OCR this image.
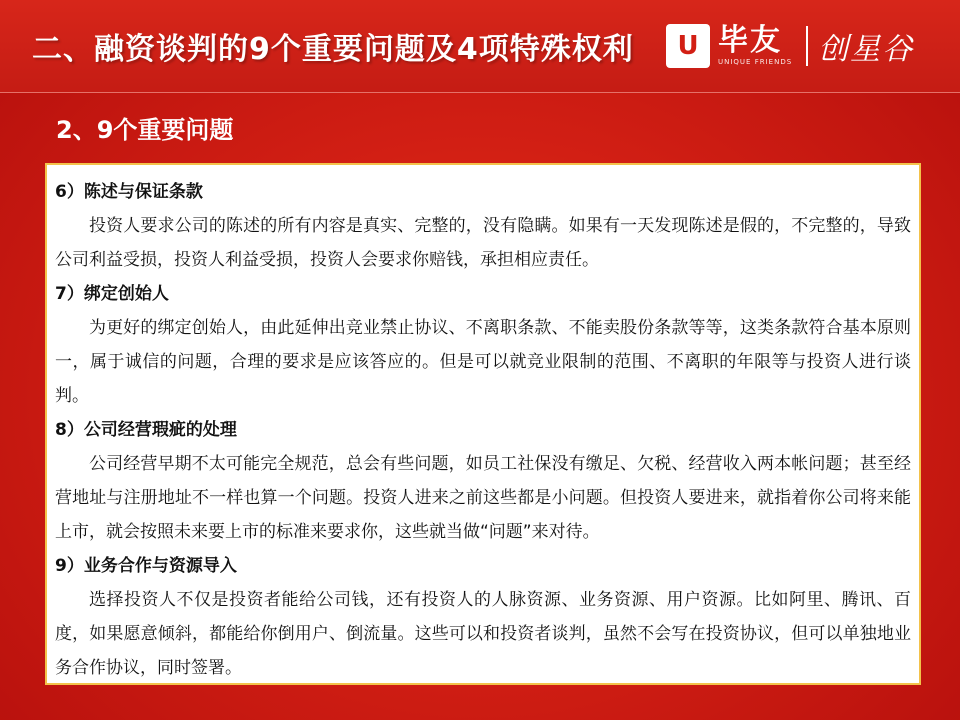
二、融资谈判的9个重要问题及4项特殊权利	U 毕友
UNIQUE FRIENDS 创星谷
2、9个重要问题

6）陈述与保证条款

投资人要求公司的陈述的所有内容是真实、完整的，没有隐瞒。如果有一天发现陈述是假的，不完整的，导致公司利益受损，投资人利益受损，投资人会要求你赔钱，承担相应责任。

7）绑定创始人

为更好的绑定创始人，由此延伸出竞业禁止协议、不离职条款、不能卖股份条款等等，这类条款符合基本原则一，属于诚信的问题，合理的要求是应该答应的。但是可以就竞业限制的范围、不离职的年限等与投资人进行谈判。

8）公司经营瑕疵的处理

公司经营早期不太可能完全规范，总会有些问题，如员工社保没有缴足、欠税、经营收入两本帐问题；甚至经营地址与注册地址不一样也算一个问题。投资人进来之前这些都是小问题。但投资人要进来，就指着你公司将来能上市，就会按照未来要上市的标准来要求你，这些就当做“问题”来对待。

9）业务合作与资源导入

选择投资人不仅是投资者能给公司钱，还有投资人的人脉资源、业务资源、用户资源。比如阿里、腾讯、百度，如果愿意倾斜，都能给你倒用户、倒流量。这些可以和投资者谈判，虽然不会写在投资协议，但可以单独地业务合作协议，同时签署。
